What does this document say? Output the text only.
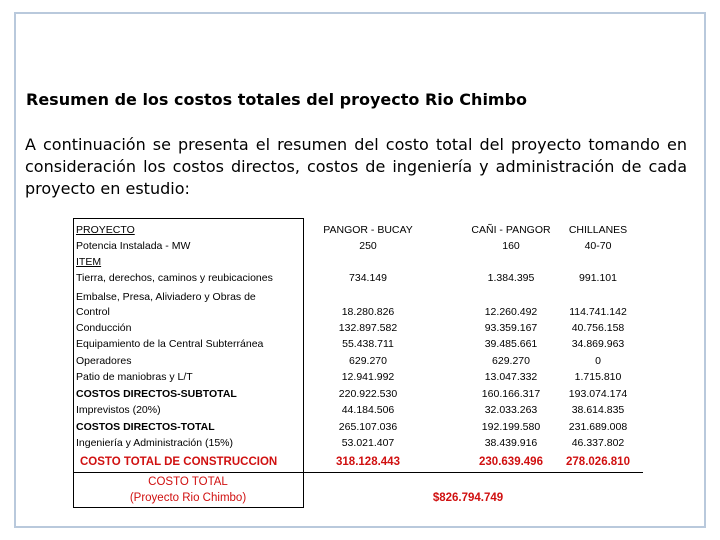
Resumen de los costos totales del proyecto Rio Chimbo

A continuación se presenta el resumen del costo total del proyecto tomando en consideración los costos directos, costos de ingeniería y administración de cada proyecto en estudio:

PROYECTO	PANGOR - BUCAY	CAÑI - PANGOR	CHILLANES
Potencia Instalada - MW	250	160	40-70
ITEM
Tierra, derechos, caminos y reubicaciones	734.149	1.384.395	991.101
Embalse, Presa, Aliviadero y Obras de
Control	18.280.826	12.260.492	114.741.142
Conducción	132.897.582	93.359.167	40.756.158
Equipamiento de la Central Subterránea	55.438.711	39.485.661	34.869.963
Operadores	629.270	629.270	0
Patio de maniobras y L/T	12.941.992	13.047.332	1.715.810
COSTOS DIRECTOS-SUBTOTAL	220.922.530	160.166.317	193.074.174
Imprevistos (20%)	44.184.506	32.033.263	38.614.835
COSTOS DIRECTOS-TOTAL	265.107.036	192.199.580	231.689.008
Ingeniería y Administración (15%)	53.021.407	38.439.916	46.337.802
COSTO TOTAL DE CONSTRUCCION	318.128.443	230.639.496	278.026.810
COSTO TOTAL
(Proyecto Rio Chimbo)	$826.794.749
